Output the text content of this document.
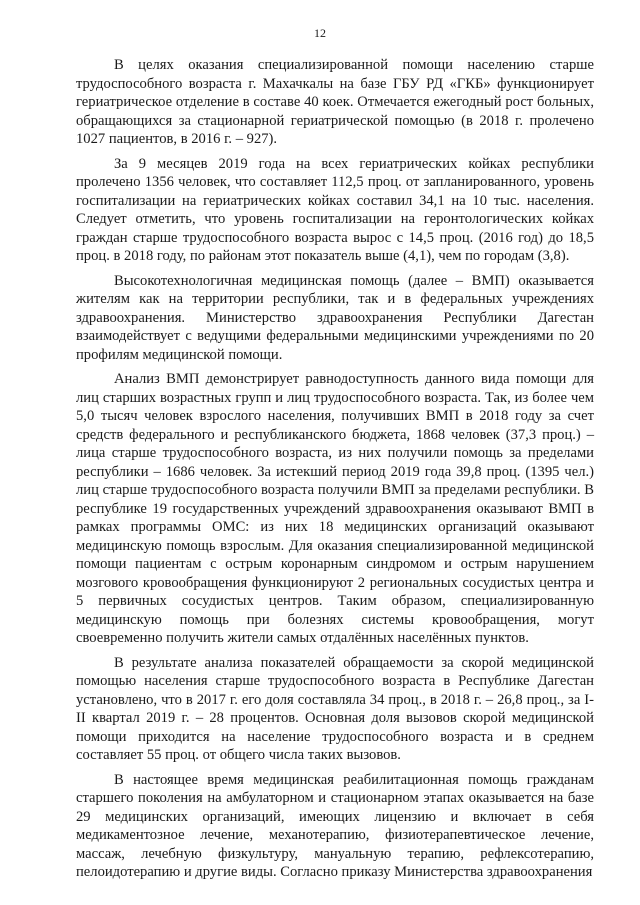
12

В целях оказания специализированной помощи населению старше трудоспособного возраста г. Махачкалы на базе ГБУ РД «ГКБ» функционирует гериатрическое отделение в составе 40 коек. Отмечается ежегодный рост больных, обращающихся за стационарной гериатрической помощью (в 2018 г. пролечено 1027 пациентов, в 2016 г. – 927).

За 9 месяцев 2019 года на всех гериатрических койках республики пролечено 1356 человек, что составляет 112,5 проц. от запланированного, уровень госпитализации на гериатрических койках составил 34,1 на 10 тыс. населения. Следует отметить, что уровень госпитализации на геронтологических койках граждан старше трудоспособного возраста вырос с 14,5 проц. (2016 год) до 18,5 проц. в 2018 году, по районам этот показатель выше (4,1), чем по городам (3,8).

Высокотехнологичная медицинская помощь (далее – ВМП) оказывается жителям как на территории республики, так и в федеральных учреждениях здравоохранения. Министерство здравоохранения Республики Дагестан взаимодействует с ведущими федеральными медицинскими учреждениями по 20 профилям медицинской помощи.

Анализ ВМП демонстрирует равнодоступность данного вида помощи для лиц старших возрастных групп и лиц трудоспособного возраста. Так, из более чем 5,0 тысяч человек взрослого населения, получивших ВМП в 2018 году за счет средств федерального и республиканского бюджета, 1868 человек (37,3 проц.) – лица старше трудоспособного возраста, из них получили помощь за пределами республики – 1686 человек. За истекший период 2019 года 39,8 проц. (1395 чел.) лиц старше трудоспособного возраста получили ВМП за пределами республики. В республике 19 государственных учреждений здравоохранения оказывают ВМП в рамках программы ОМС: из них 18 медицинских организаций оказывают медицинскую помощь взрослым. Для оказания специализированной медицинской помощи пациентам с острым коронарным синдромом и острым нарушением мозгового кровообращения функционируют 2 региональных сосудистых центра и 5 первичных сосудистых центров. Таким образом, специализированную медицинскую помощь при болезнях системы кровообращения, могут своевременно получить жители самых отдалённых населённых пунктов.

В результате анализа показателей обращаемости за скорой медицинской помощью населения старше трудоспособного возраста в Республике Дагестан установлено, что в 2017 г. его доля составляла 34 проц., в 2018 г. – 26,8 проц., за I-II квартал 2019 г. – 28 процентов. Основная доля вызовов скорой медицинской помощи приходится на население трудоспособного возраста и в среднем составляет 55 проц. от общего числа таких вызовов.

В настоящее время медицинская реабилитационная помощь гражданам старшего поколения на амбулаторном и стационарном этапах оказывается на базе 29 медицинских организаций, имеющих лицензию и включает в себя медикаментозное лечение, механотерапию, физиотерапевтическое лечение, массаж, лечебную физкультуру, мануальную терапию, рефлексотерапию, пелоидотерапию и другие виды. Согласно приказу Министерства здравоохранения
